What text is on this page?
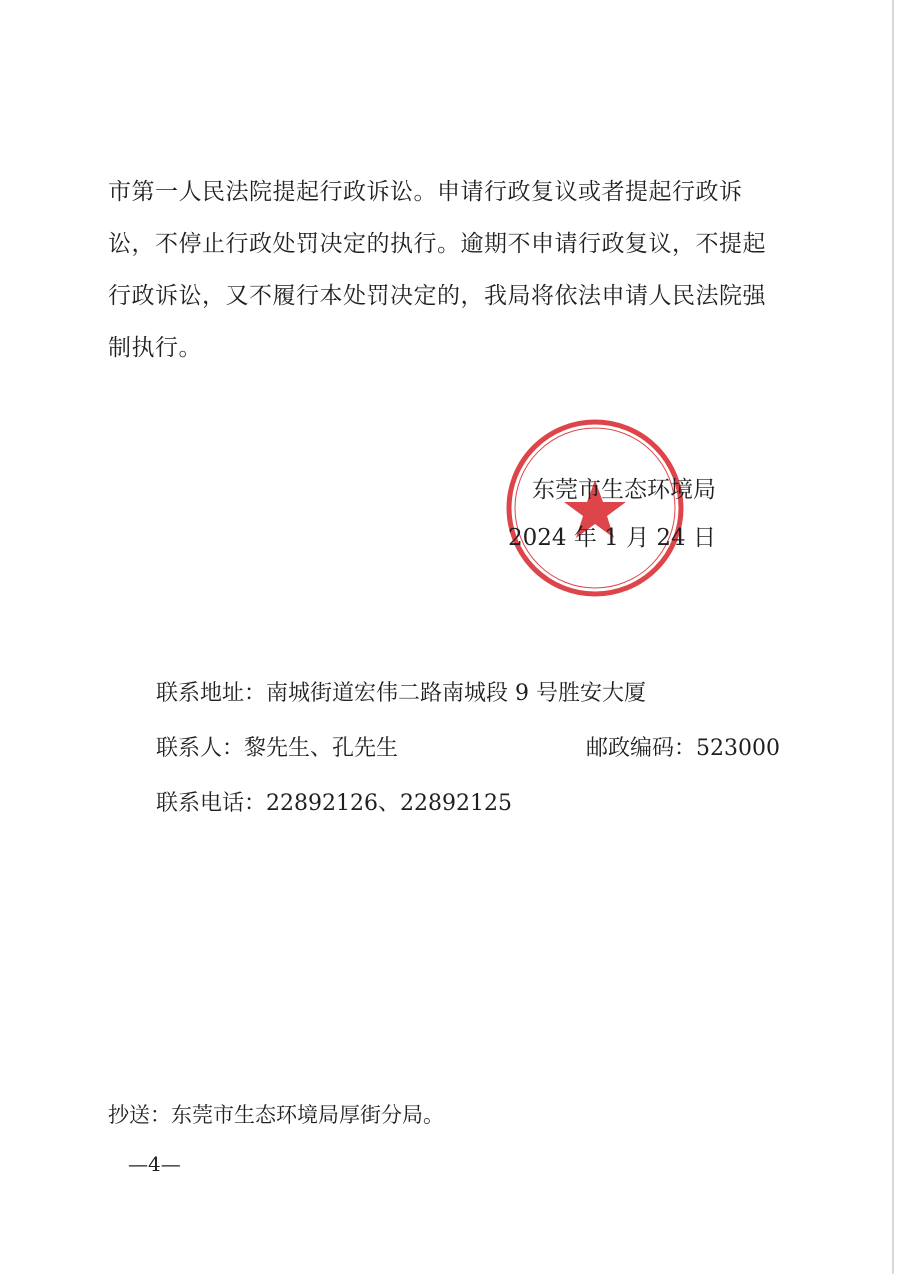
市第一人民法院提起行政诉讼。申请行政复议或者提起行政诉
讼，不停止行政处罚决定的执行。逾期不申请行政复议，不提起
行政诉讼，又不履行本处罚决定的，我局将依法申请人民法院强
制执行。
东莞市生态环境局
2024 年 1 月 24 日
联系地址：南城街道宏伟二路南城段 9 号胜安大厦
联系人：黎先生、孔先生	邮政编码：523000
联系电话：22892126、22892125
抄送：东莞市生态环境局厚街分局。
—4—
